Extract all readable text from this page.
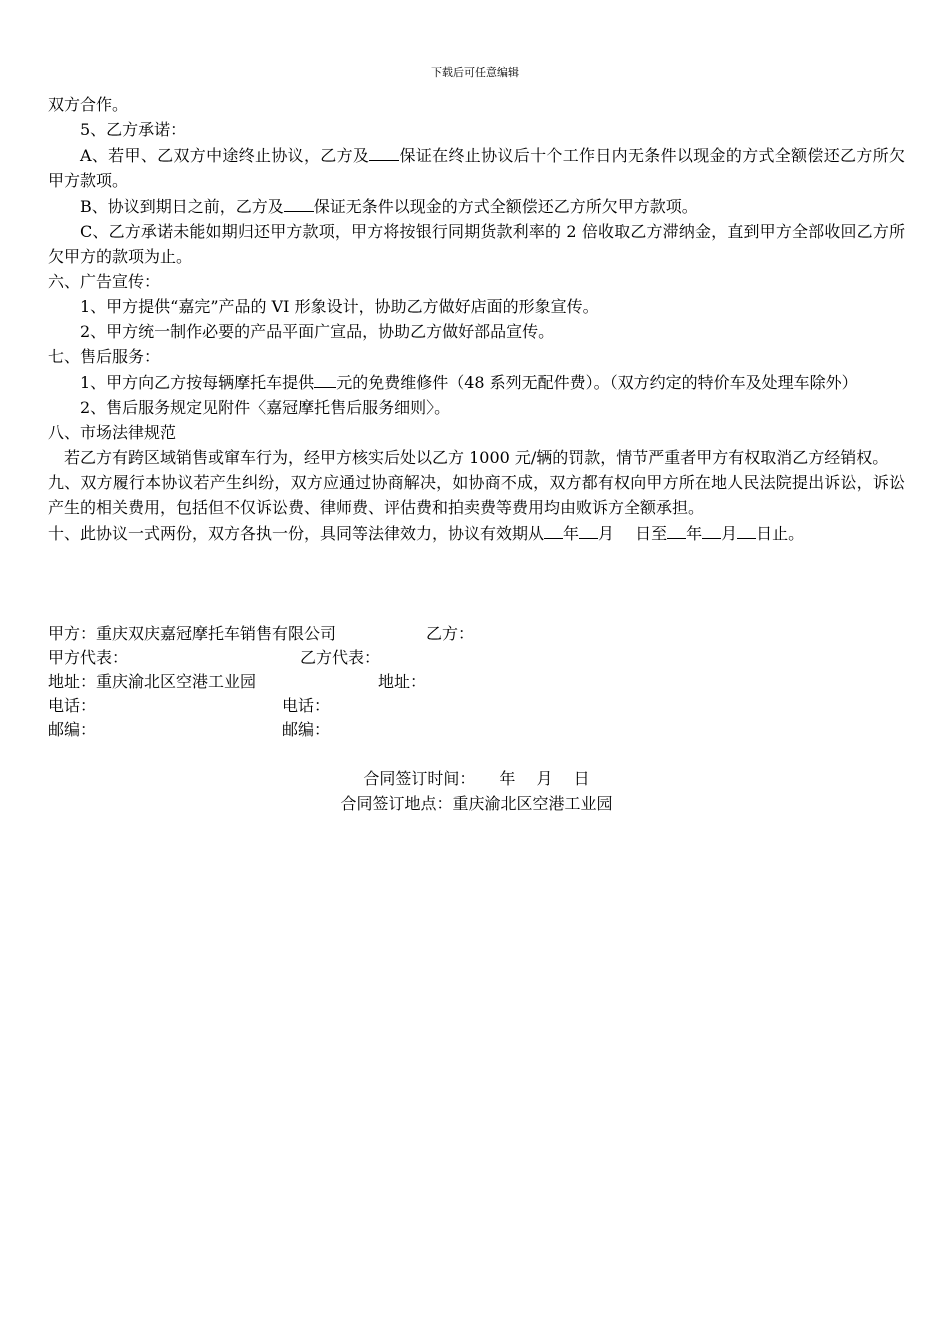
下载后可任意编辑

双方合作。

5、乙方承诺：

A、若甲、乙双方中途终止协议，乙方及 保证在终止协议后十个工作日内无条件以现金的方式全额偿还乙方所欠甲方款项。

B、协议到期日之前，乙方及 保证无条件以现金的方式全额偿还乙方所欠甲方款项。

C、乙方承诺未能如期归还甲方款项，甲方将按银行同期货款利率的 2 倍收取乙方滞纳金，直到甲方全部收回乙方所欠甲方的款项为止。

六、广告宣传：

1、甲方提供“嘉完”产品的 VI 形象设计，协助乙方做好店面的形象宣传。

2、甲方统一制作必要的产品平面广宣品，协助乙方做好部品宣传。

七、售后服务：

1、甲方向乙方按每辆摩托车提供 元的免费维修件（48 系列无配件费）。（双方约定的特价车及处理车除外）

2、售后服务规定见附件〈嘉冠摩托售后服务细则〉。

八、市场法律规范

若乙方有跨区域销售或窜车行为，经甲方核实后处以乙方 1000 元/辆的罚款，情节严重者甲方有权取消乙方经销权。

九、双方履行本协议若产生纠纷，双方应通过协商解决，如协商不成，双方都有权向甲方所在地人民法院提出诉讼，诉讼产生的相关费用，包括但不仅诉讼费、律师费、评估费和拍卖费等费用均由败诉方全额承担。

十、此协议一式两份，双方各执一份，具同等法律效力，协议有效期从 年 月　 日至 年 月 日止。

甲方：重庆双庆嘉冠摩托车销售有限公司	乙方：
甲方代表：	乙方代表：
地址：重庆渝北区空港工业园	地址：
电话：	电话：
邮编：	邮编：

合同签订时间：　　年　 月　 日

合同签订地点：重庆渝北区空港工业园
